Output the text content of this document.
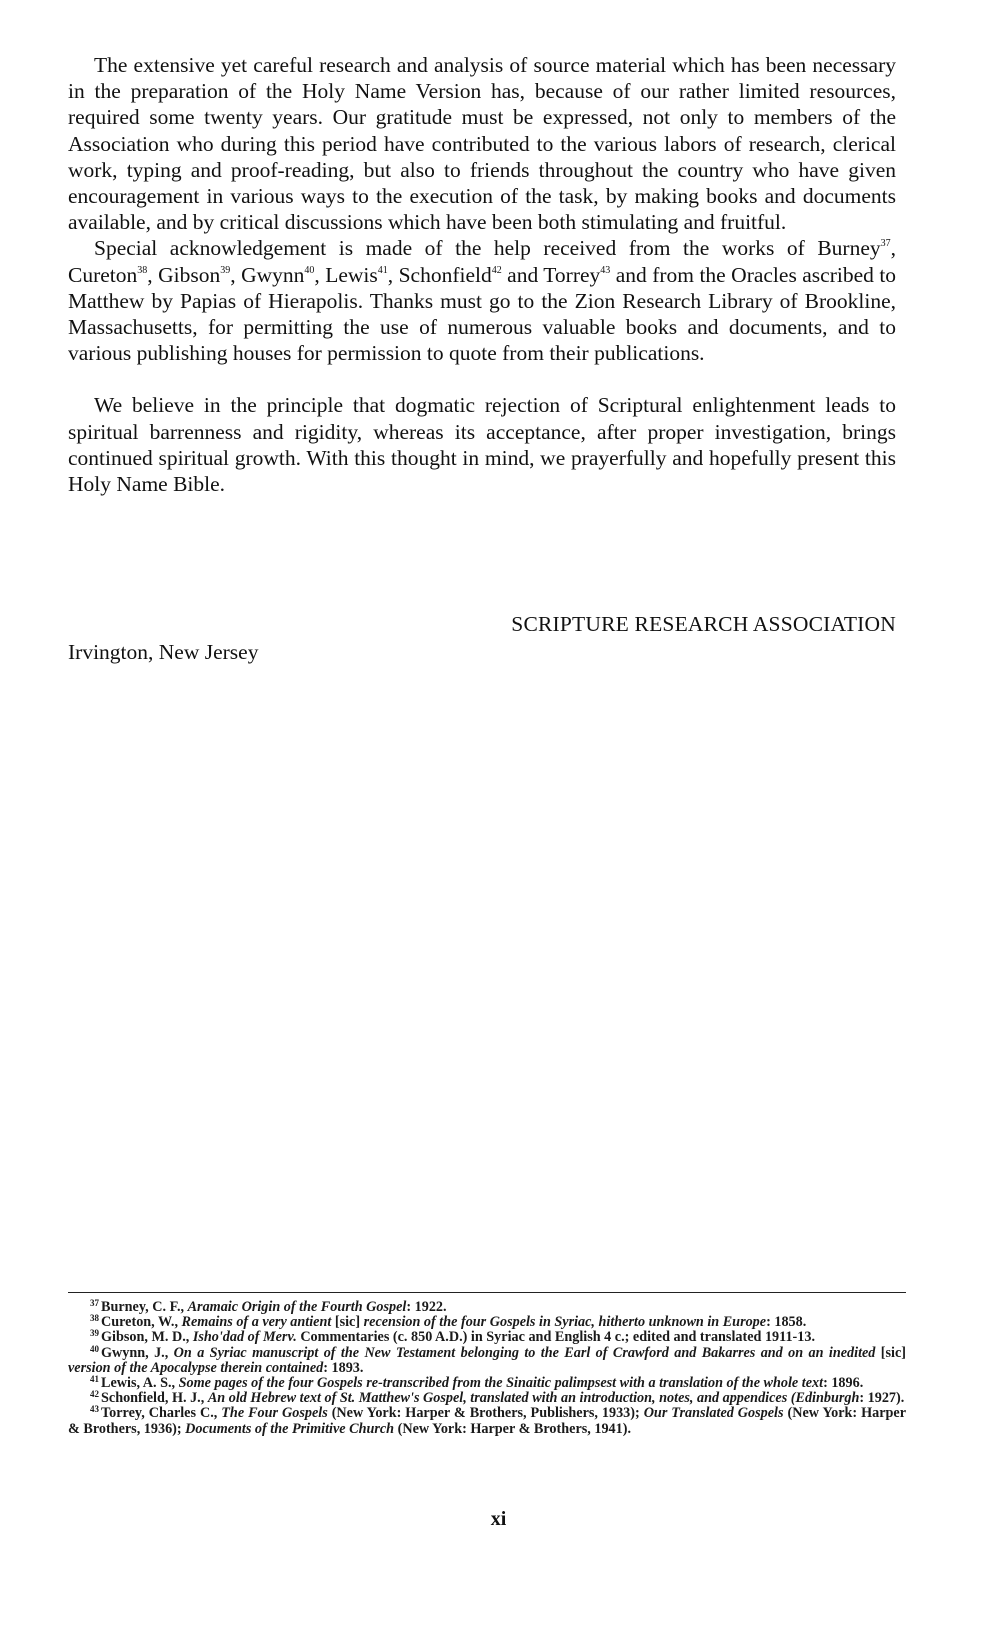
The extensive yet careful research and analysis of source material which has been necessary in the preparation of the Holy Name Version has, because of our rather limited resources, required some twenty years. Our gratitude must be expressed, not only to members of the Association who during this period have contributed to the various labors of research, clerical work, typing and proof-reading, but also to friends throughout the country who have given encouragement in various ways to the execution of the task, by making books and documents available, and by critical discussions which have been both stimulating and fruitful.

Special acknowledgement is made of the help received from the works of Burney$^{37}$, Cureton$^{38}$, Gibson$^{39}$, Gwynn$^{40}$, Lewis$^{41}$, Schonfield$^{42}$ and Torrey$^{43}$ and from the Oracles ascribed to Matthew by Papias of Hierapolis. Thanks must go to the Zion Research Library of Brookline, Massachusetts, for permitting the use of numerous valuable books and documents, and to various publishing houses for permission to quote from their publications.

We believe in the principle that dogmatic rejection of Scriptural enlightenment leads to spiritual barrenness and rigidity, whereas its acceptance, after proper investigation, brings continued spiritual growth. With this thought in mind, we prayerfully and hopefully present this Holy Name Bible.

SCRIPTURE RESEARCH ASSOCIATION
Irvington, New Jersey

$^{37}$ Burney, C. F., Aramaic Origin of the Fourth Gospel: 1922.

$^{38}$ Cureton, W., Remains of a very antient [sic] recension of the four Gospels in Syriac, hitherto unknown in Europe: 1858.

$^{39}$ Gibson, M. D., Isho'dad of Merv. Commentaries (c. 850 A.D.) in Syriac and English 4 c.; edited and translated 1911-13.

$^{40}$ Gwynn, J., On a Syriac manuscript of the New Testament belonging to the Earl of Crawford and Bakarres and on an inedited [sic] version of the Apocalypse therein contained: 1893.

$^{41}$ Lewis, A. S., Some pages of the four Gospels re-transcribed from the Sinaitic palimpsest with a translation of the whole text: 1896.

$^{42}$ Schonfield, H. J., An old Hebrew text of St. Matthew's Gospel, translated with an introduction, notes, and appendices (Edinburgh: 1927).

$^{43}$ Torrey, Charles C., The Four Gospels (New York: Harper & Brothers, Publishers, 1933); Our Translated Gospels (New York: Harper & Brothers, 1936); Documents of the Primitive Church (New York: Harper & Brothers, 1941).

xi
